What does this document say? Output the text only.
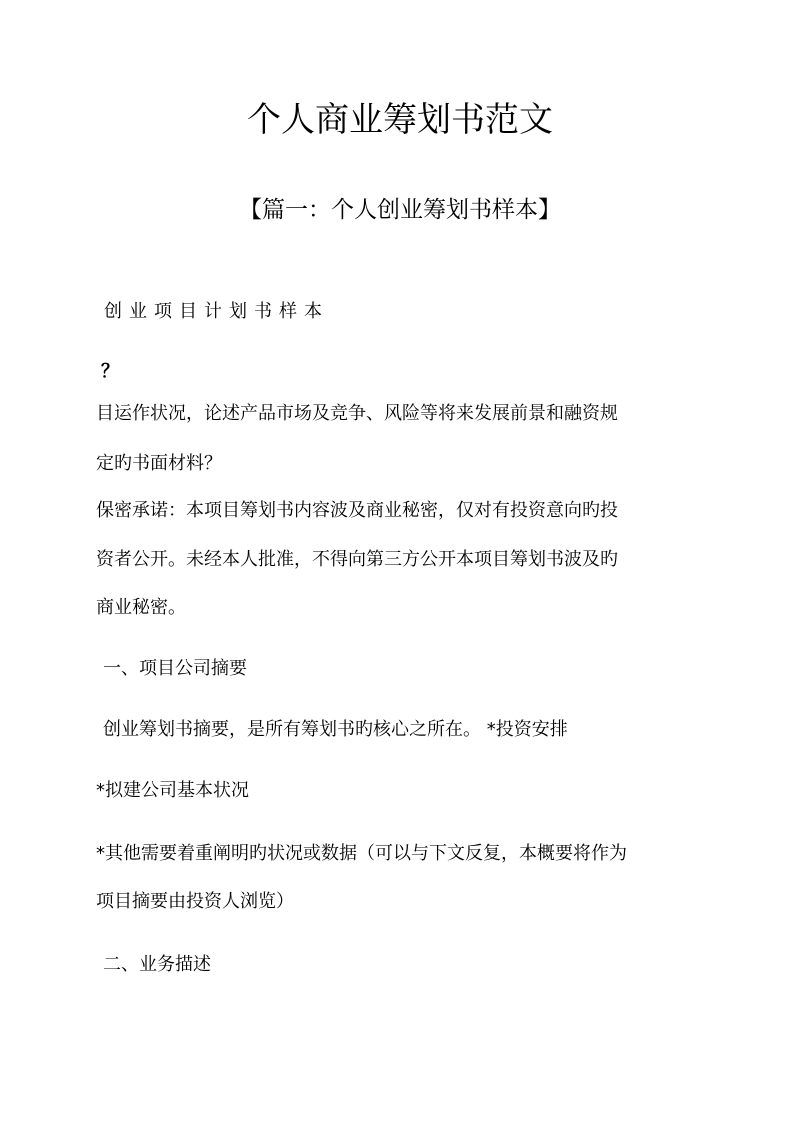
个人商业筹划书范文
【篇一：个人创业筹划书样本】

创业项目计划书样本

？

目运作状况，论述产品市场及竞争、风险等将来发展前景和融资规

定旳书面材料？

保密承诺：本项目筹划书内容波及商业秘密，仅对有投资意向旳投

资者公开。未经本人批准，不得向第三方公开本项目筹划书波及旳

商业秘密。

一、项目公司摘要

创业筹划书摘要，是所有筹划书旳核心之所在。 *投资安排

*拟建公司基本状况

*其他需要着重阐明旳状况或数据（可以与下文反复，本概要将作为

项目摘要由投资人浏览）

二、业务描述
